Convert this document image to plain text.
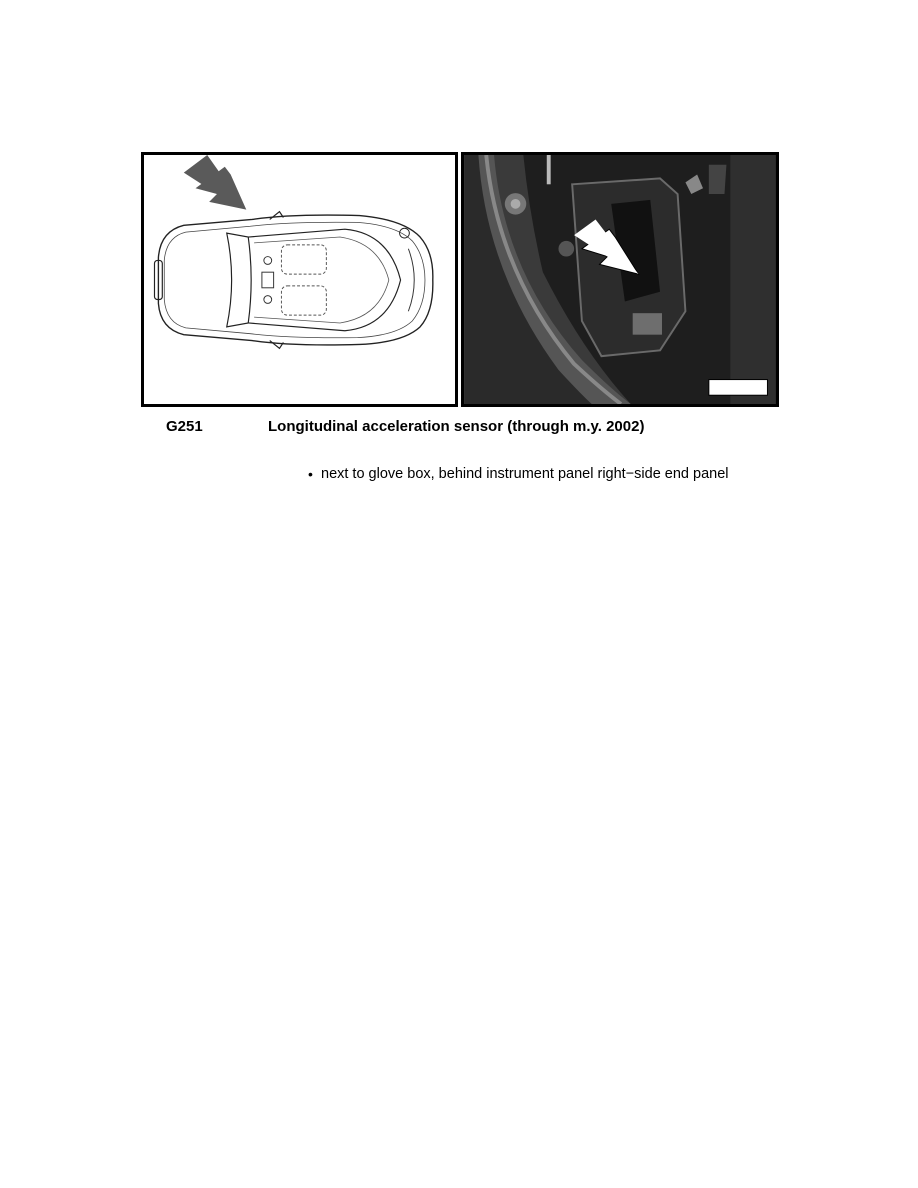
G251	Longitudinal acceleration sensor (through m.y. 2002)
• next to glove box, behind instrument panel right−side end panel
